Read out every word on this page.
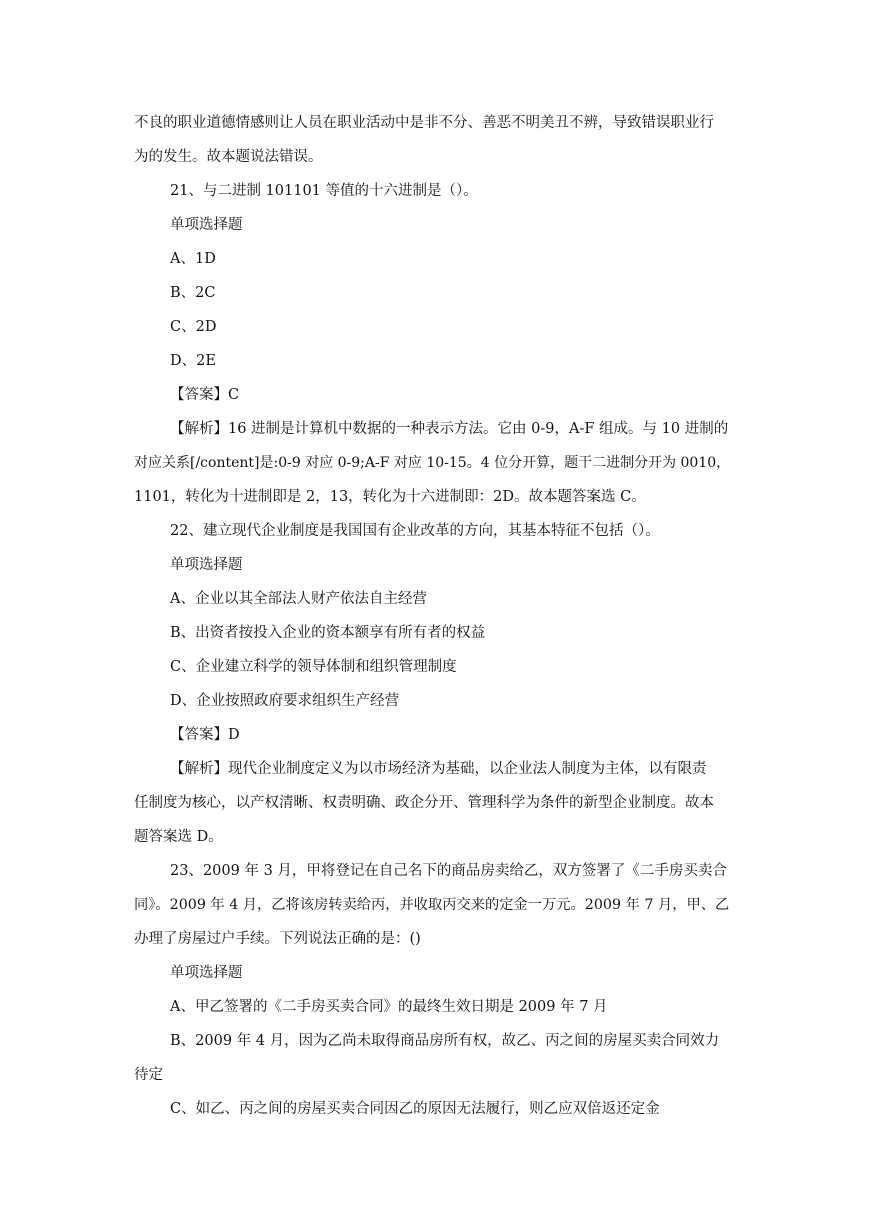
不良的职业道德情感则让人员在职业活动中是非不分、善恶不明美丑不辨，导致错误职业行

为的发生。故本题说法错误。

21、与二进制 101101 等值的十六进制是（）。

单项选择题

A、1D

B、2C

C、2D

D、2E

【答案】C

【解析】16 进制是计算机中数据的一种表示方法。它由 0-9，A-F 组成。与 10 进制的

对应关系[/content]是:0-9 对应 0-9;A-F 对应 10-15。4 位分开算，题干二进制分开为 0010，

1101，转化为十进制即是 2，13，转化为十六进制即：2D。故本题答案选 C。

22、建立现代企业制度是我国国有企业改革的方向，其基本特征不包括（）。

单项选择题

A、企业以其全部法人财产依法自主经营

B、出资者按投入企业的资本额享有所有者的权益

C、企业建立科学的领导体制和组织管理制度

D、企业按照政府要求组织生产经营

【答案】D

【解析】现代企业制度定义为以市场经济为基础，以企业法人制度为主体，以有限责

任制度为核心，以产权清晰、权责明确、政企分开、管理科学为条件的新型企业制度。故本

题答案选 D。

23、2009 年 3 月，甲将登记在自己名下的商品房卖给乙，双方签署了《二手房买卖合

同》。2009 年 4 月，乙将该房转卖给丙，并收取丙交来的定金一万元。2009 年 7 月，甲、乙

办理了房屋过户手续。下列说法正确的是：()

单项选择题

A、甲乙签署的《二手房买卖合同》的最终生效日期是 2009 年 7 月

B、2009 年 4 月，因为乙尚未取得商品房所有权，故乙、丙之间的房屋买卖合同效力

待定

C、如乙、丙之间的房屋买卖合同因乙的原因无法履行，则乙应双倍返还定金
